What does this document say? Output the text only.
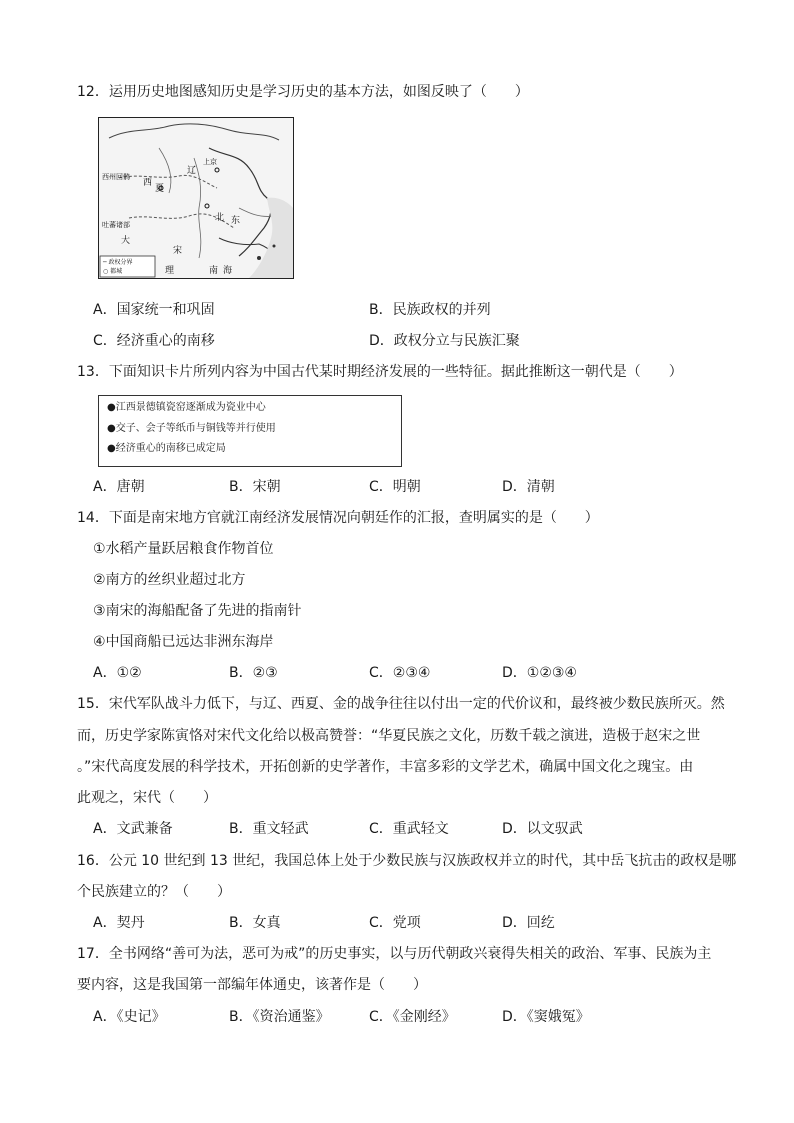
12．运用历史地图感知历史是学习历史的基本方法，如图反映了（　　）
西州回鹘
西
夏
上京
辽
北 东
吐蕃诸部
大
宋
理	南 海
─ 政权分界
○ 都城
A．国家统一和巩固	B．民族政权的并列
C．经济重心的南移	D．政权分立与民族汇聚
13．下面知识卡片所列内容为中国古代某时期经济发展的一些特征。据此推断这一朝代是（　　）
●江西景德镇瓷窑逐渐成为瓷业中心
●交子、会子等纸币与铜钱等并行使用
●经济重心的南移已成定局
A．唐朝	B．宋朝	C．明朝	D．清朝
14．下面是南宋地方官就江南经济发展情况向朝廷作的汇报，查明属实的是（　　）
①水稻产量跃居粮食作物首位
②南方的丝织业超过北方
③南宋的海船配备了先进的指南针
④中国商船已远达非洲东海岸
A．①②	B．②③	C．②③④	D．①②③④
15．宋代军队战斗力低下，与辽、西夏、金的战争往往以付出一定的代价议和，最终被少数民族所灭。然
而，历史学家陈寅恪对宋代文化给以极高赞誉：“华夏民族之文化，历数千载之演进，造极于赵宋之世
。”宋代高度发展的科学技术，开拓创新的史学著作，丰富多彩的文学艺术，确属中国文化之瑰宝。由
此观之，宋代（　　）
A．文武兼备	B．重文轻武	C．重武轻文	D．以文驭武
16．公元 10 世纪到 13 世纪，我国总体上处于少数民族与汉族政权并立的时代，其中岳飞抗击的政权是哪
个民族建立的？（　　）
A．契丹	B．女真	C．党项	D．回纥
17．全书网络“善可为法，恶可为戒”的历史事实，以与历代朝政兴衰得失相关的政治、军事、民族为主
要内容，这是我国第一部编年体通史，该著作是（　　）
A．《史记》	B．《资治通鉴》	C．《金刚经》	D．《窦娥冤》
